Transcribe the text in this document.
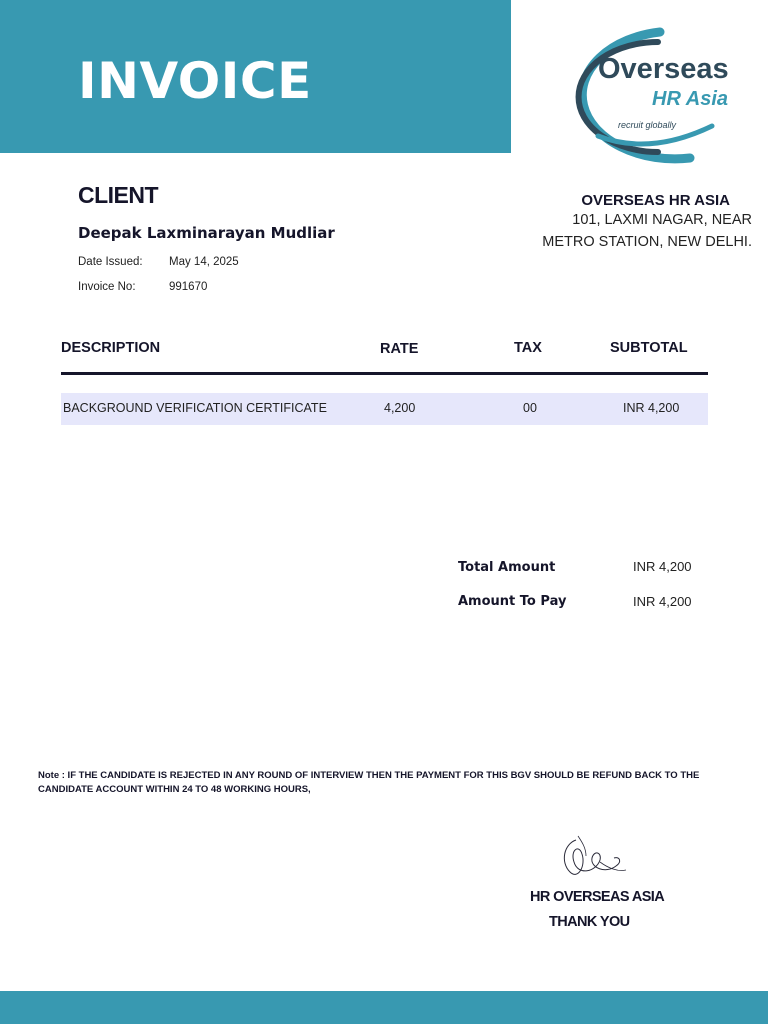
INVOICE	Overseas
HR Asia
recruit globally
CLIENT
Deepak Laxminarayan Mudliar
Date Issued: May 14, 2025
Invoice No:	991670
OVERSEAS HR ASIA
101, LAXMI NAGAR, NEAR
METRO STATION, NEW DELHI.
DESCRIPTION	RATE	TAX	SUBTOTAL
BACKGROUND VERIFICATION CERTIFICATE	4,200	00	INR 4,200
Total Amount	INR 4,200
Amount To Pay	INR 4,200
Note : IF THE CANDIDATE IS REJECTED IN ANY ROUND OF INTERVIEW THEN THE PAYMENT FOR THIS BGV SHOULD BE REFUND BACK TO THE CANDIDATE ACCOUNT WITHIN 24 TO 48 WORKING HOURS,
HR OVERSEAS ASIA
THANK YOU
